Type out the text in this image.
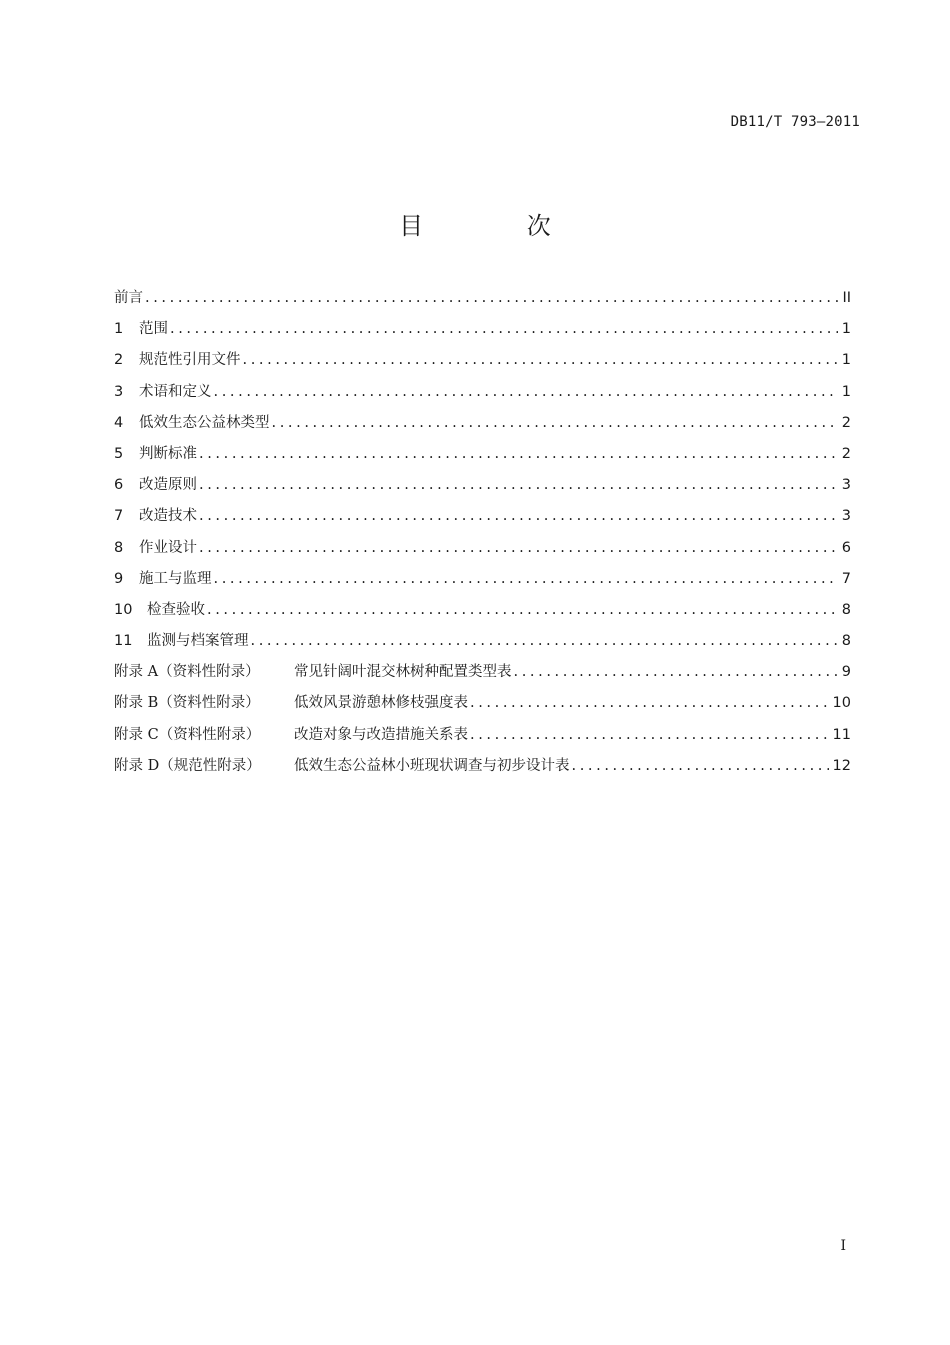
DB11/T 793—2011
目 次
前言 .....	II
1	范围 .....	1
2	规范性引用文件 .....	1
3	术语和定义 .....	1
4	低效生态公益林类型 .....	2
5	判断标准 .....	2
6	改造原则 .....	3
7	改造技术 .....	3
8	作业设计 .....	6
9	施工与监理 .....	7
10	检查验收 .....	8
11	监测与档案管理 .....	8
附录 A（资料性附录）	常见针阔叶混交林树种配置类型表 .....	9
附录 B（资料性附录）	低效风景游憩林修枝强度表 .....	10
附录 C（资料性附录）	改造对象与改造措施关系表 .....	11
附录 D（规范性附录）	低效生态公益林小班现状调查与初步设计表 .....	12
I
